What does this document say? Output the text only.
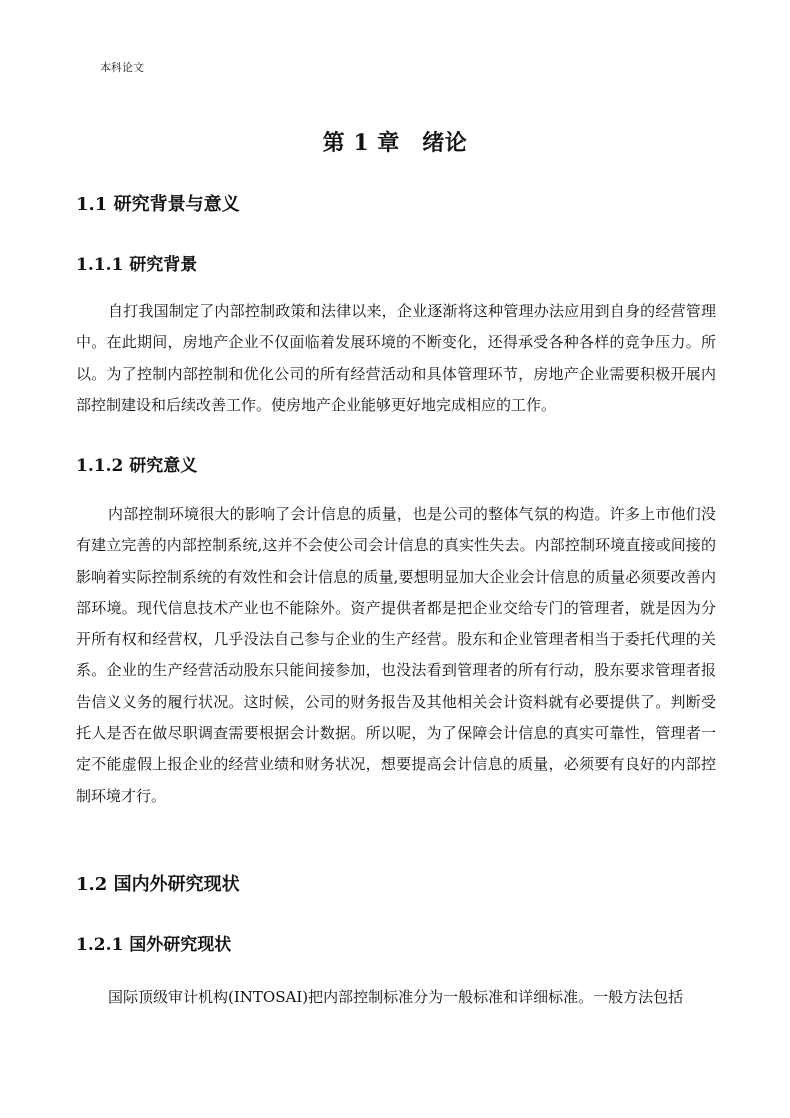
本科论文
第 1 章　绪论
1.1 研究背景与意义
1.1.1 研究背景

自打我国制定了内部控制政策和法律以来，企业逐渐将这种管理办法应用到自身的经营管理中。在此期间，房地产企业不仅面临着发展环境的不断变化，还得承受各种各样的竞争压力。所以。为了控制内部控制和优化公司的所有经营活动和具体管理环节，房地产企业需要积极开展内部控制建设和后续改善工作。使房地产企业能够更好地完成相应的工作。

1.1.2 研究意义

内部控制环境很大的影响了会计信息的质量，也是公司的整体气氛的构造。许多上市他们没有建立完善的内部控制系统,这并不会使公司会计信息的真实性失去。内部控制环境直接或间接的影响着实际控制系统的有效性和会计信息的质量,要想明显加大企业会计信息的质量必须要改善内部环境。现代信息技术产业也不能除外。资产提供者都是把企业交给专门的管理者，就是因为分开所有权和经营权，几乎没法自己参与企业的生产经营。股东和企业管理者相当于委托代理的关系。企业的生产经营活动股东只能间接参加，也没法看到管理者的所有行动，股东要求管理者报告信义义务的履行状况。这时候，公司的财务报告及其他相关会计资料就有必要提供了。判断受托人是否在做尽职调查需要根据会计数据。所以呢，为了保障会计信息的真实可靠性，管理者一定不能虚假上报企业的经营业绩和财务状况，想要提高会计信息的质量，必须要有良好的内部控制环境才行。

1.2 国内外研究现状
1.2.1 国外研究现状

国际顶级审计机构(INTOSAI)把内部控制标准分为一般标准和详细标准。一般方法包括
